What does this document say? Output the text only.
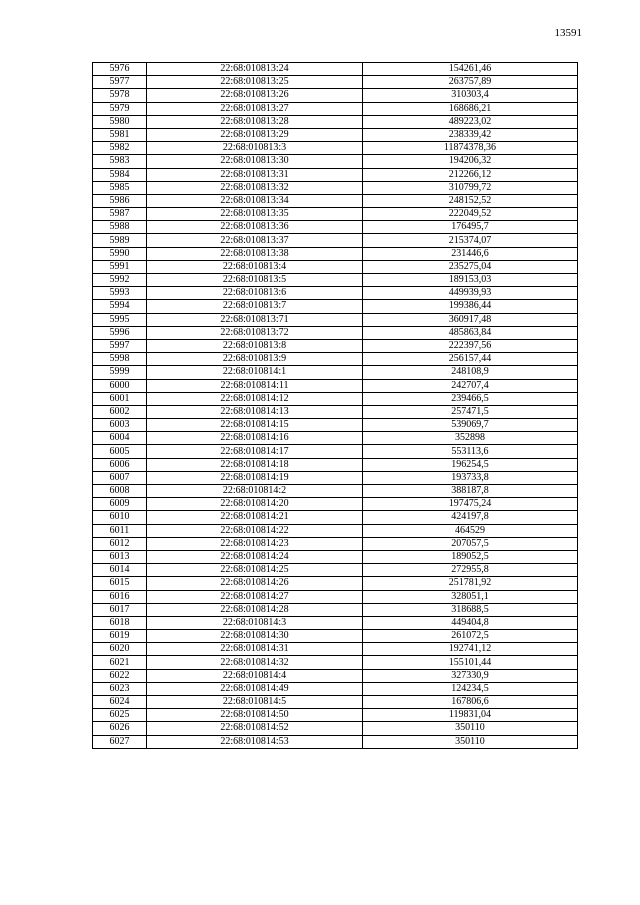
13591
5976	22:68:010813:24	154261,46
5977	22:68:010813:25	263757,89
5978	22:68:010813:26	310303,4
5979	22:68:010813:27	168686,21
5980	22:68:010813:28	489223,02
5981	22:68:010813:29	238339,42
5982	22:68:010813:3	11874378,36
5983	22:68:010813:30	194206,32
5984	22:68:010813:31	212266,12
5985	22:68:010813:32	310799,72
5986	22:68:010813:34	248152,52
5987	22:68:010813:35	222049,52
5988	22:68:010813:36	176495,7
5989	22:68:010813:37	215374,07
5990	22:68:010813:38	231446,6
5991	22:68:010813:4	235275,04
5992	22:68:010813:5	189153,03
5993	22:68:010813:6	449939,93
5994	22:68:010813:7	199386,44
5995	22:68:010813:71	360917,48
5996	22:68:010813:72	485863,84
5997	22:68:010813:8	222397,56
5998	22:68:010813:9	256157,44
5999	22:68:010814:1	248108,9
6000	22:68:010814:11	242707,4
6001	22:68:010814:12	239466,5
6002	22:68:010814:13	257471,5
6003	22:68:010814:15	539069,7
6004	22:68:010814:16	352898
6005	22:68:010814:17	553113,6
6006	22:68:010814:18	196254,5
6007	22:68:010814:19	193733,8
6008	22:68:010814:2	388187,8
6009	22:68:010814:20	197475,24
6010	22:68:010814:21	424197,8
6011	22:68:010814:22	464529
6012	22:68:010814:23	207057,5
6013	22:68:010814:24	189052,5
6014	22:68:010814:25	272955,8
6015	22:68:010814:26	251781,92
6016	22:68:010814:27	328051,1
6017	22:68:010814:28	318688,5
6018	22:68:010814:3	449404,8
6019	22:68:010814:30	261072,5
6020	22:68:010814:31	192741,12
6021	22:68:010814:32	155101,44
6022	22:68:010814:4	327330,9
6023	22:68:010814:49	124234,5
6024	22:68:010814:5	167806,6
6025	22:68:010814:50	119831,04
6026	22:68:010814:52	350110
6027	22:68:010814:53	350110
